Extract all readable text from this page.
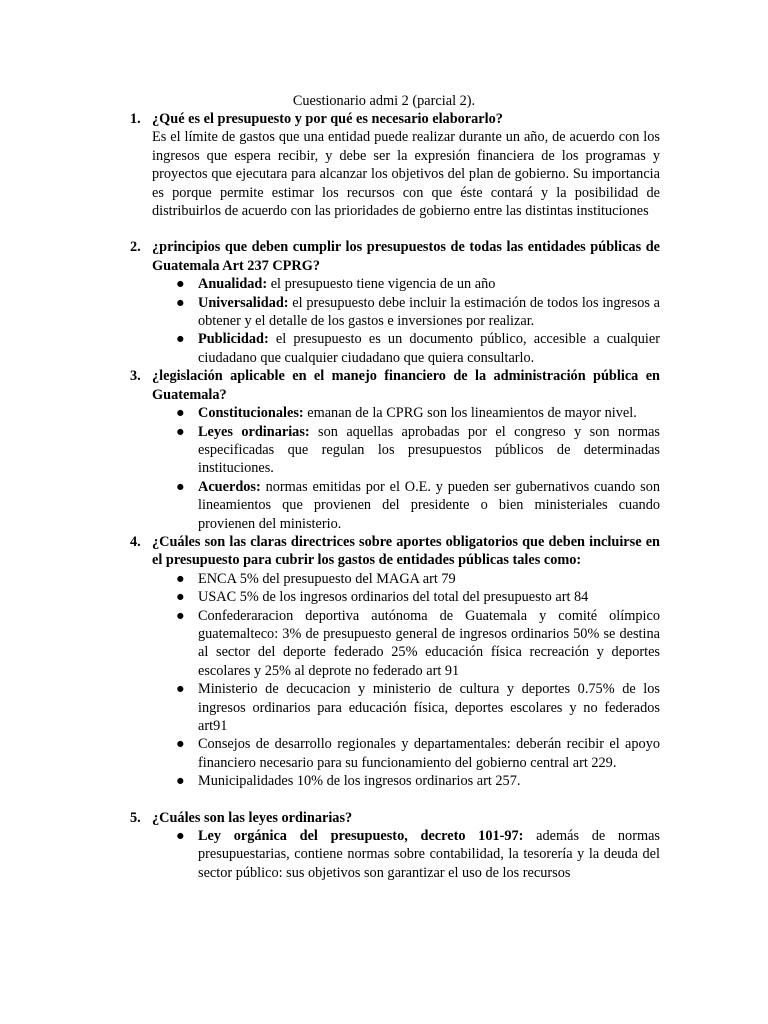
Cuestionario admi 2 (parcial 2).
1. ¿Qué es el presupuesto y por qué es necesario elaborarlo?
Es el límite de gastos que una entidad puede realizar durante un año, de acuerdo con los ingresos que espera recibir, y debe ser la expresión financiera de los programas y proyectos que ejecutara para alcanzar los objetivos del plan de gobierno. Su importancia es porque permite estimar los recursos con que éste contará y la posibilidad de distribuirlos de acuerdo con las prioridades de gobierno entre las distintas instituciones
2. ¿principios que deben cumplir los presupuestos de todas las entidades públicas de Guatemala Art 237 CPRG?
● Anualidad: el presupuesto tiene vigencia de un año
● Universalidad: el presupuesto debe incluir la estimación de todos los ingresos a obtener y el detalle de los gastos e inversiones por realizar.
● Publicidad: el presupuesto es un documento público, accesible a cualquier ciudadano que cualquier ciudadano que quiera consultarlo.
3. ¿legislación aplicable en el manejo financiero de la administración pública en Guatemala?
● Constitucionales: emanan de la CPRG son los lineamientos de mayor nivel.
● Leyes ordinarias: son aquellas aprobadas por el congreso y son normas especificadas que regulan los presupuestos públicos de determinadas instituciones.
● Acuerdos: normas emitidas por el O.E. y pueden ser gubernativos cuando son lineamientos que provienen del presidente o bien ministeriales cuando provienen del ministerio.
4. ¿Cuáles son las claras directrices sobre aportes obligatorios que deben incluirse en el presupuesto para cubrir los gastos de entidades públicas tales como:
● ENCA 5% del presupuesto del MAGA art 79
● USAC 5% de los ingresos ordinarios del total del presupuesto art 84
● Confederaracion deportiva autónoma de Guatemala y comité olímpico guatemalteco: 3% de presupuesto general de ingresos ordinarios 50% se destina al sector del deporte federado 25% educación física recreación y deportes escolares y 25% al deprote no federado art 91
● Ministerio de decucacion y ministerio de cultura y deportes 0.75% de los ingresos ordinarios para educación física, deportes escolares y no federados art91
● Consejos de desarrollo regionales y departamentales: deberán recibir el apoyo financiero necesario para su funcionamiento del gobierno central art 229.
● Municipalidades 10% de los ingresos ordinarios art 257.
5. ¿Cuáles son las leyes ordinarias?
● Ley orgánica del presupuesto, decreto 101-97: además de normas presupuestarias, contiene normas sobre contabilidad, la tesorería y la deuda del sector público: sus objetivos son garantizar el uso de los recursos
